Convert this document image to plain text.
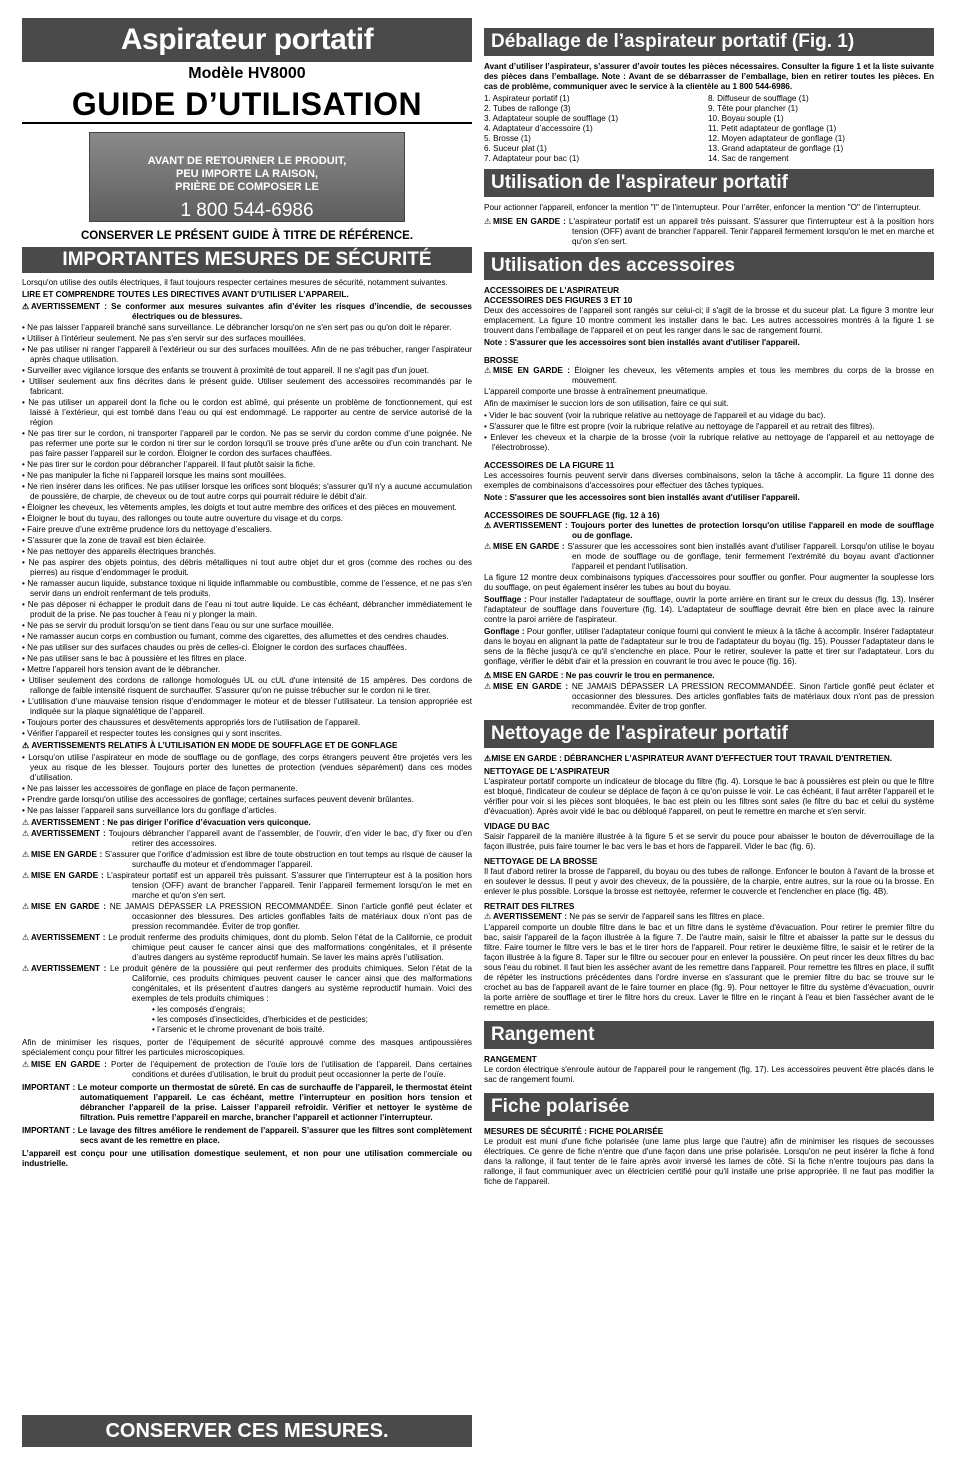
Aspirateur portatif
Modèle HV8000
GUIDE D’UTILISATION
AVANT DE RETOURNER LE PRODUIT,
PEU IMPORTE LA RAISON,
PRIÈRE DE COMPOSER LE
1 800 544-6986
CONSERVER LE PRÉSENT GUIDE À TITRE DE RÉFÉRENCE.
IMPORTANTES MESURES DE SÉCURITÉ
Lorsqu'on utilise des outils électriques, il faut toujours respecter certaines mesures de sécurité, notamment suivantes.
LIRE ET COMPRENDRE TOUTES LES DIRECTIVES AVANT D’UTILISER L’APPAREIL.
⚠ AVERTISSEMENT : Se conformer aux mesures suivantes afin d’éviter les risques d’incendie, de secousses électriques ou de blessures.
• Ne pas laisser l’appareil branché sans surveillance. Le débrancher lorsqu'on ne s'en sert pas ou qu'on doit le réparer.
• Utiliser à l’intérieur seulement. Ne pas s'en servir sur des surfaces mouillées.
• Ne pas utiliser ni ranger l’appareil à l’extérieur ou sur des surfaces mouillées. Afin de ne pas trébucher, ranger l’aspirateur après chaque utilisation.
• Surveiller avec vigilance lorsque des enfants se trouvent à proximité de tout appareil. Il ne s'agit pas d'un jouet.
• Utiliser seulement aux fins décrites dans le présent guide. Utiliser seulement des accessoires recommandés par le fabricant.
• Ne pas utiliser un appareil dont la fiche ou le cordon est abîmé, qui présente un problème de fonctionnement, qui est laissé à l’extérieur, qui est tombé dans l’eau ou qui est endommagé. Le rapporter au centre de service autorisé de la région
• Ne pas tirer sur le cordon, ni transporter l’appareil par le cordon. Ne pas se servir du cordon comme d’une poignée. Ne pas refermer une porte sur le cordon ni tirer sur le cordon lorsqu'il se trouve près d’une arête ou d’un coin tranchant. Ne pas faire passer l’appareil sur le cordon. Éloigner le cordon des surfaces chauffées.
• Ne pas tirer sur le cordon pour débrancher l’appareil. Il faut plutôt saisir la fiche.
• Ne pas manipuler la fiche ni l’appareil lorsque les mains sont mouillées.
• Ne rien insérer dans les orifices. Ne pas utiliser lorsque les orifices sont bloqués; s'assurer qu'il n'y a aucune accumulation de poussière, de charpie, de cheveux ou de tout autre corps qui pourrait réduire le débit d'air.
• Éloigner les cheveux, les vêtements amples, les doigts et tout autre membre des orifices et des pièces en mouvement.
• Éloigner le bout du tuyau, des rallonges ou toute autre ouverture du visage et du corps.
• Faire preuve d’une extrême prudence lors du nettoyage d’escaliers.
• S’assurer que la zone de travail est bien éclairée.
• Ne pas nettoyer des appareils électriques branchés.
• Ne pas aspirer des objets pointus, des débris métalliques ni tout autre objet dur et gros (comme des roches ou des pierres) au risque d’endommager le produit.
• Ne ramasser aucun liquide, substance toxique ni liquide inflammable ou combustible, comme de l’essence, et ne pas s'en servir dans un endroit renfermant de tels produits.
• Ne pas déposer ni échapper le produit dans de l’eau ni tout autre liquide. Le cas échéant, débrancher immédiatement le produit de la prise. Ne pas toucher à l’eau ni y plonger la main.
• Ne pas se servir du produit lorsqu'on se tient dans l’eau ou sur une surface mouillée.
• Ne ramasser aucun corps en combustion ou fumant, comme des cigarettes, des allumettes et des cendres chaudes.
• Ne pas utiliser sur des surfaces chaudes ou près de celles-ci. Éloigner le cordon des surfaces chauffées.
• Ne pas utiliser sans le bac à poussière et les filtres en place.
• Mettre l’appareil hors tension avant de le débrancher.
• Utiliser seulement des cordons de rallonge homologués UL ou cUL d'une intensité de 15 ampères. Des cordons de rallonge de faible intensité risquent de surchauffer. S'assurer qu'on ne puisse trébucher sur le cordon ni le tirer.
• L’utilisation d’une mauvaise tension risque d’endommager le moteur et de blesser l’utilisateur. La tension appropriée est indiquée sur la plaque signalétique de l’appareil.
• Toujours porter des chaussures et desvêtements appropriés lors de l’utilisation de l’appareil.
• Vérifier l’appareil et respecter toutes les consignes qui y sont inscrites.
⚠ AVERTISSEMENTS RELATIFS À L’UTILISATION EN MODE DE SOUFFLAGE ET DE GONFLAGE
• Lorsqu’on utilise l’aspirateur en mode de soufflage ou de gonflage, des corps étrangers peuvent être projetés vers les yeux au risque de les blesser. Toujours porter des lunettes de protection (vendues séparément) dans ces modes d’utilisation.
• Ne pas laisser les accessoires de gonflage en place de façon permanente.
• Prendre garde lorsqu'on utilise des accessoires de gonflage; certaines surfaces peuvent devenir brûlantes.
• Ne pas laisser l’appareil sans surveillance lors du gonflage d’articles.
⚠ AVERTISSEMENT : Ne pas diriger l’orifice d’évacuation vers quiconque.
⚠ AVERTISSEMENT : Toujours débrancher l’appareil avant de l’assembler, de l’ouvrir, d’en vider le bac, d’y fixer ou d’en retirer des accessoires.
⚠ MISE EN GARDE : S’assurer que l’orifice d’admission est libre de toute obstruction en tout temps au risque de causer la surchauffe du moteur et d’endommager l’appareil.
⚠ MISE EN GARDE : L’aspirateur portatif est un appareil très puissant. S’assurer que l’interrupteur est à la position hors tension (OFF) avant de brancher l’appareil. Tenir l’appareil fermement lorsqu'on le met en marche et qu'on s'en sert.
⚠ MISE EN GARDE : NE JAMAIS DÉPASSER LA PRESSION RECOMMANDÉE. Sinon l’article gonflé peut éclater et occasionner des blessures. Des articles gonflables faits de matériaux doux n’ont pas de pression recommandée. Éviter de trop gonfler.
⚠ AVERTISSEMENT : Le produit renferme des produits chimiques, dont du plomb. Selon l’état de la Californie, ce produit chimique peut causer le cancer ainsi que des malformations congénitales, et il présente d’autres dangers au système reproductif humain. Se laver les mains après l’utilisation.
⚠ AVERTISSEMENT : Le produit génère de la poussière qui peut renfermer des produits chimiques. Selon l’état de la Californie, ces produits chimiques peuvent causer le cancer ainsi que des malformations congénitales, et ils présentent d’autres dangers au système reproductif humain. Voici des exemples de tels produits chimiques :
• les composés d’engrais;
• les composés d’insecticides, d’herbicides et de pesticides;
• l’arsenic et le chrome provenant de bois traité.
Afin de minimiser les risques, porter de l’équipement de sécurité approuvé comme des masques antipoussières spécialement conçu pour filtrer les particules microscopiques.
⚠ MISE EN GARDE : Porter de l’équipement de protection de l’ouïe lors de l’utilisation de l’appareil. Dans certaines conditions et durées d’utilisation, le bruit du produit peut occasionner la perte de l’ouïe.
IMPORTANT : Le moteur comporte un thermostat de sûreté. En cas de surchauffe de l’appareil, le thermostat éteint automatiquement l’appareil. Le cas échéant, mettre l’interrupteur en position hors tension et débrancher l’appareil de la prise. Laisser l’appareil refroidir. Vérifier et nettoyer le système de filtration. Puis remettre l’appareil en marche, brancher l’appareil et actionner l’interrupteur.
IMPORTANT : Le lavage des filtres améliore le rendement de l’appareil. S’assurer que les filtres sont complètement secs avant de les remettre en place.
L’appareil est conçu pour une utilisation domestique seulement, et non pour une utilisation commerciale ou industrielle.
CONSERVER CES MESURES.
Déballage de l’aspirateur portatif (Fig. 1)
Avant d’utiliser l’aspirateur, s’assurer d’avoir toutes les pièces nécessaires. Consulter la figure 1 et la liste suivante des pièces dans l’emballage. Note : Avant de se débarrasser de l’emballage, bien en retirer toutes les pièces. En cas de problème, communiquer avec le service à la clientèle au 1 800 544-6986.
1. Aspirateur portatif (1)
2. Tubes de rallonge (3)
3. Adaptateur souple de soufflage (1)
4. Adaptateur d’accessoire (1)
5. Brosse (1)
6. Suceur plat (1)
7. Adaptateur pour bac (1)
8. Diffuseur de soufflage (1)
9. Tête pour plancher (1)
10. Boyau souple (1)
11. Petit adaptateur de gonflage (1)
12. Moyen adaptateur de gonflage (1)
13. Grand adaptateur de gonflage (1)
14. Sac de rangement
Utilisation de l'aspirateur portatif
Pour actionner l'appareil, enfoncer la mention "I" de l’interrupteur. Pour l’arrêter, enfoncer la mention "O" de l’interrupteur.
⚠ MISE EN GARDE : L'aspirateur portatif est un appareil très puissant. S'assurer que l'interrupteur est à la position hors tension (OFF) avant de brancher l'appareil. Tenir l'appareil fermement lorsqu'on le met en marche et qu'on s'en sert.
Utilisation des accessoires
ACCESSOIRES DE L'ASPIRATEUR
ACCESSOIRES DES FIGURES 3 ET 10
Deux des accessoires de l’appareil sont rangés sur celui-ci; il s'agit de la brosse et du suceur plat. La figure 3 montre leur emplacement. La figure 10 montre comment les installer dans le bac. Les autres accessoires montrés à la figure 1 se trouvent dans l’emballage de l'appareil et on peut les ranger dans le sac de rangement fourni.
Note : S'assurer que les accessoires sont bien installés avant d'utiliser l'appareil.
BROSSE
⚠ MISE EN GARDE : Éloigner les cheveux, les vêtements amples et tous les membres du corps de la brosse en mouvement.
L'appareil comporte une brosse à entraînement pneumatique.
Afin de maximiser le succion lors de son utilisation, faire ce qui suit.
• Vider le bac souvent (voir la rubrique relative au nettoyage de l'appareil et au vidage du bac).
• S'assurer que le filtre est propre (voir la rubrique relative au nettoyage de l'appareil et au retrait des filtres).
• Enlever les cheveux et la charpie de la brosse (voir la rubrique relative au nettoyage de l'appareil et au nettoyage de l'électrobrosse).
ACCESSOIRES DE LA FIGURE 11
Les accessoires fournis peuvent servir dans diverses combinaisons, selon la tâche à accomplir. La figure 11 donne des exemples de combinaisons d'accessoires pour effectuer des tâches typiques.
Note : S'assurer que les accessoires sont bien installés avant d'utiliser l'appareil.
ACCESSOIRES DE SOUFFLAGE (fig. 12 à 16)
⚠ AVERTISSEMENT : Toujours porter des lunettes de protection lorsqu'on utilise l'appareil en mode de soufflage ou de gonflage.
⚠ MISE EN GARDE : S'assurer que les accessoires sont bien installés avant d'utiliser l'appareil. Lorsqu'on utilise le boyau en mode de soufflage ou de gonflage, tenir fermement l'extrémité du boyau avant d'actionner l'appareil et pendant l'utilisation.
La figure 12 montre deux combinaisons typiques d'accessoires pour souffler ou gonfler. Pour augmenter la souplesse lors du soufflage, on peut également insérer les tubes au bout du boyau.
Soufflage : Pour installer l'adaptateur de soufflage, ouvrir la porte arrière en tirant sur le creux du dessus (fig. 13). Insérer l'adaptateur de soufflage dans l'ouverture (fig. 14). L'adaptateur de soufflage devrait être bien en place avec la rainure contre la paroi arrière de l'aspirateur.
Gonflage : Pour gonfler, utiliser l'adaptateur conique fourni qui convient le mieux à la tâche à accomplir. Insérer l'adaptateur dans le boyau en alignant la patte de l'adaptateur sur le trou de l'adaptateur du boyau (fig. 15). Pousser l'adaptateur dans le sens de la flèche jusqu'à ce qu'il s'enclenche en place. Pour le retirer, soulever la patte et tirer sur l'adaptateur. Lors du gonflage, vérifier le débit d'air et la pression en couvrant le trou avec le pouce (fig. 16).
⚠ MISE EN GARDE : Ne pas couvrir le trou en permanence.
⚠ MISE EN GARDE : NE JAMAIS DÉPASSER LA PRESSION RECOMMANDÉE. Sinon l'article gonflé peut éclater et occasionner des blessures. Des articles gonflables faits de matériaux doux n'ont pas de pression recommandée. Éviter de trop gonfler.
Nettoyage de l'aspirateur portatif
⚠MISE EN GARDE : DÉBRANCHER L'ASPIRATEUR AVANT D'EFFECTUER TOUT TRAVAIL D'ENTRETIEN.
NETTOYAGE DE L'ASPIRATEUR
L'aspirateur portatif comporte un indicateur de blocage du filtre (fig. 4). Lorsque le bac à poussières est plein ou que le filtre est bloqué, l'indicateur de couleur se déplace de façon à ce qu'on puisse le voir. Le cas échéant, il faut arrêter l'appareil et le vérifier pour voir si les pièces sont bloquées, le bac est plein ou les filtres sont sales (le filtre du bac et celui du système d'évacuation). Après avoir vidé le bac ou débloqué l'appareil, on peut le remettre en marche et s'en servir.
VIDAGE DU BAC
Saisir l'appareil de la manière illustrée à la figure 5 et se servir du pouce pour abaisser le bouton de déverrouillage de la façon illustrée, puis faire tourner le bac vers le bas et hors de l'appareil. Vider le bac (fig. 6).
NETTOYAGE DE LA BROSSE
Il faut d'abord retirer la brosse de l'appareil, du boyau ou des tubes de rallonge. Enfoncer le bouton à l'avant de la brosse et en soulever le dessus. Il peut y avoir des cheveux, de la poussière, de la charpie, entre autres, sur la roue ou la brosse. En enlever le plus possible. Lorsque la brosse est nettoyée, refermer le couvercle et l'enclencher en place (fig. 4B).
RETRAIT DES FILTRES
⚠ AVERTISSEMENT : Ne pas se servir de l'appareil sans les filtres en place.
L'appareil comporte un double filtre dans le bac et un filtre dans le système d'évacuation. Pour retirer le premier filtre du bac, saisir l'appareil de la façon illustrée à la figure 7. De l'autre main, saisir le filtre et abaisser la patte sur le dessus du filtre. Faire tourner le filtre vers le bas et le tirer hors de l'appareil. Pour retirer le deuxième filtre, le saisir et le retirer de la façon illustrée à la figure 8. Taper sur le filtre ou secouer pour en enlever la poussière. On peut rincer les deux filtres du bac sous l'eau du robinet. Il faut bien les assécher avant de les remettre dans l'appareil. Pour remettre les filtres en place, il suffit de répéter les instructions précédentes dans l'ordre inverse en s'assurant que le premier filtre du bac se trouve sur le crochet au bas de l'appareil avant de le faire tourner en place (fig. 9). Pour nettoyer le filtre du système d'évacuation, ouvrir la porte arrière de soufflage et tirer le filtre hors du creux. Laver le filtre en le rinçant à l'eau et bien l'assécher avant de le remettre en place.
Rangement
RANGEMENT
Le cordon électrique s'enroule autour de l'appareil pour le rangement (fig. 17). Les accessoires peuvent être placés dans le sac de rangement fourni.
Fiche polarisée
MESURES DE SÉCURITÉ : FICHE POLARISÉE
Le produit est muni d'une fiche polarisée (une lame plus large que l'autre) afin de minimiser les risques de secousses électriques. Ce genre de fiche n'entre que d'une façon dans une prise polarisée. Lorsqu'on ne peut insérer la fiche à fond dans la rallonge, il faut tenter de le faire après avoir inversé les lames de côté. Si la fiche n'entre toujours pas dans la rallonge, il faut communiquer avec un électricien certifié pour qu'il installe une prise appropriée. Il ne faut pas modifier la fiche de l'appareil.
